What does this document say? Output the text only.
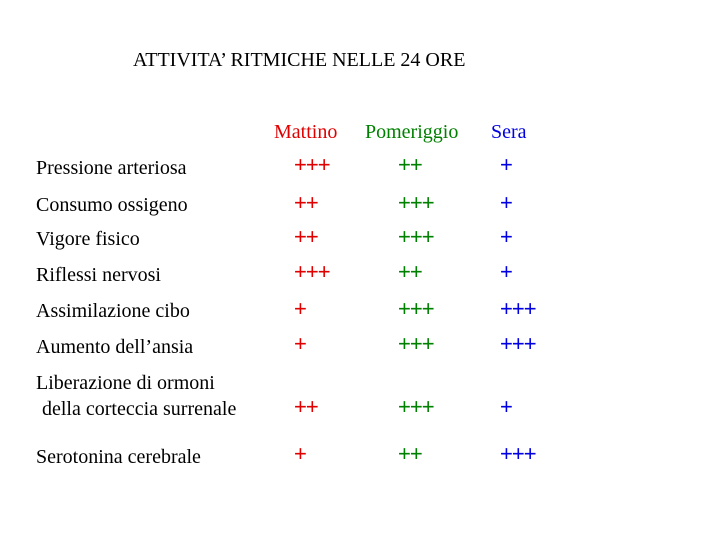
ATTIVITA’ RITMICHE NELLE 24 ORE
Mattino Pomeriggio Sera
Pressione arteriosa	+++	++	+
Consumo ossigeno	++	+++	+
Vigore fisico	++	+++	+
Riflessi nervosi	+++	++	+
Assimilazione cibo	+	+++	+++
Aumento dell’ansia	+	+++	+++
Liberazione di ormoni
della corteccia surrenale	++	+++	+
Serotonina cerebrale	+	++	+++
